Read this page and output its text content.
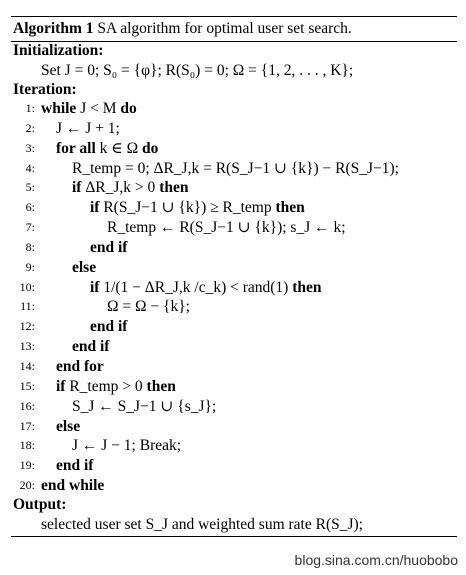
Algorithm 1 SA algorithm for optimal user set search.
Initialization:
Set J = 0; S₀ = {φ}; R(S₀) = 0; Ω = {1, 2, . . . , K};
Iteration:
1: while J < M do
2: J ← J + 1;
3: for all k ∈ Ω do
4: R_temp = 0; ΔR_J,k = R(S_J−1 ∪ {k}) − R(S_J−1);
5: if ΔR_J,k > 0 then
6:	if R(S_J−1 ∪ {k}) ≥ R_temp then
7:	R_temp ← R(S_J−1 ∪ {k}); s_J ← k;
8:	end if
9: else
10:	if 1/(1 − ΔR_J,k /c_k) < rand(1) then
11:	Ω = Ω − {k};
12:	end if
13: end if
14: end for
15: if R_temp > 0 then
16: S_J ← S_J−1 ∪ {s_J};
17: else
18: J ← J − 1; Break;
19: end if
20: end while
Output:
selected user set S_J and weighted sum rate R(S_J);
blog.sina.com.cn/huobobo
